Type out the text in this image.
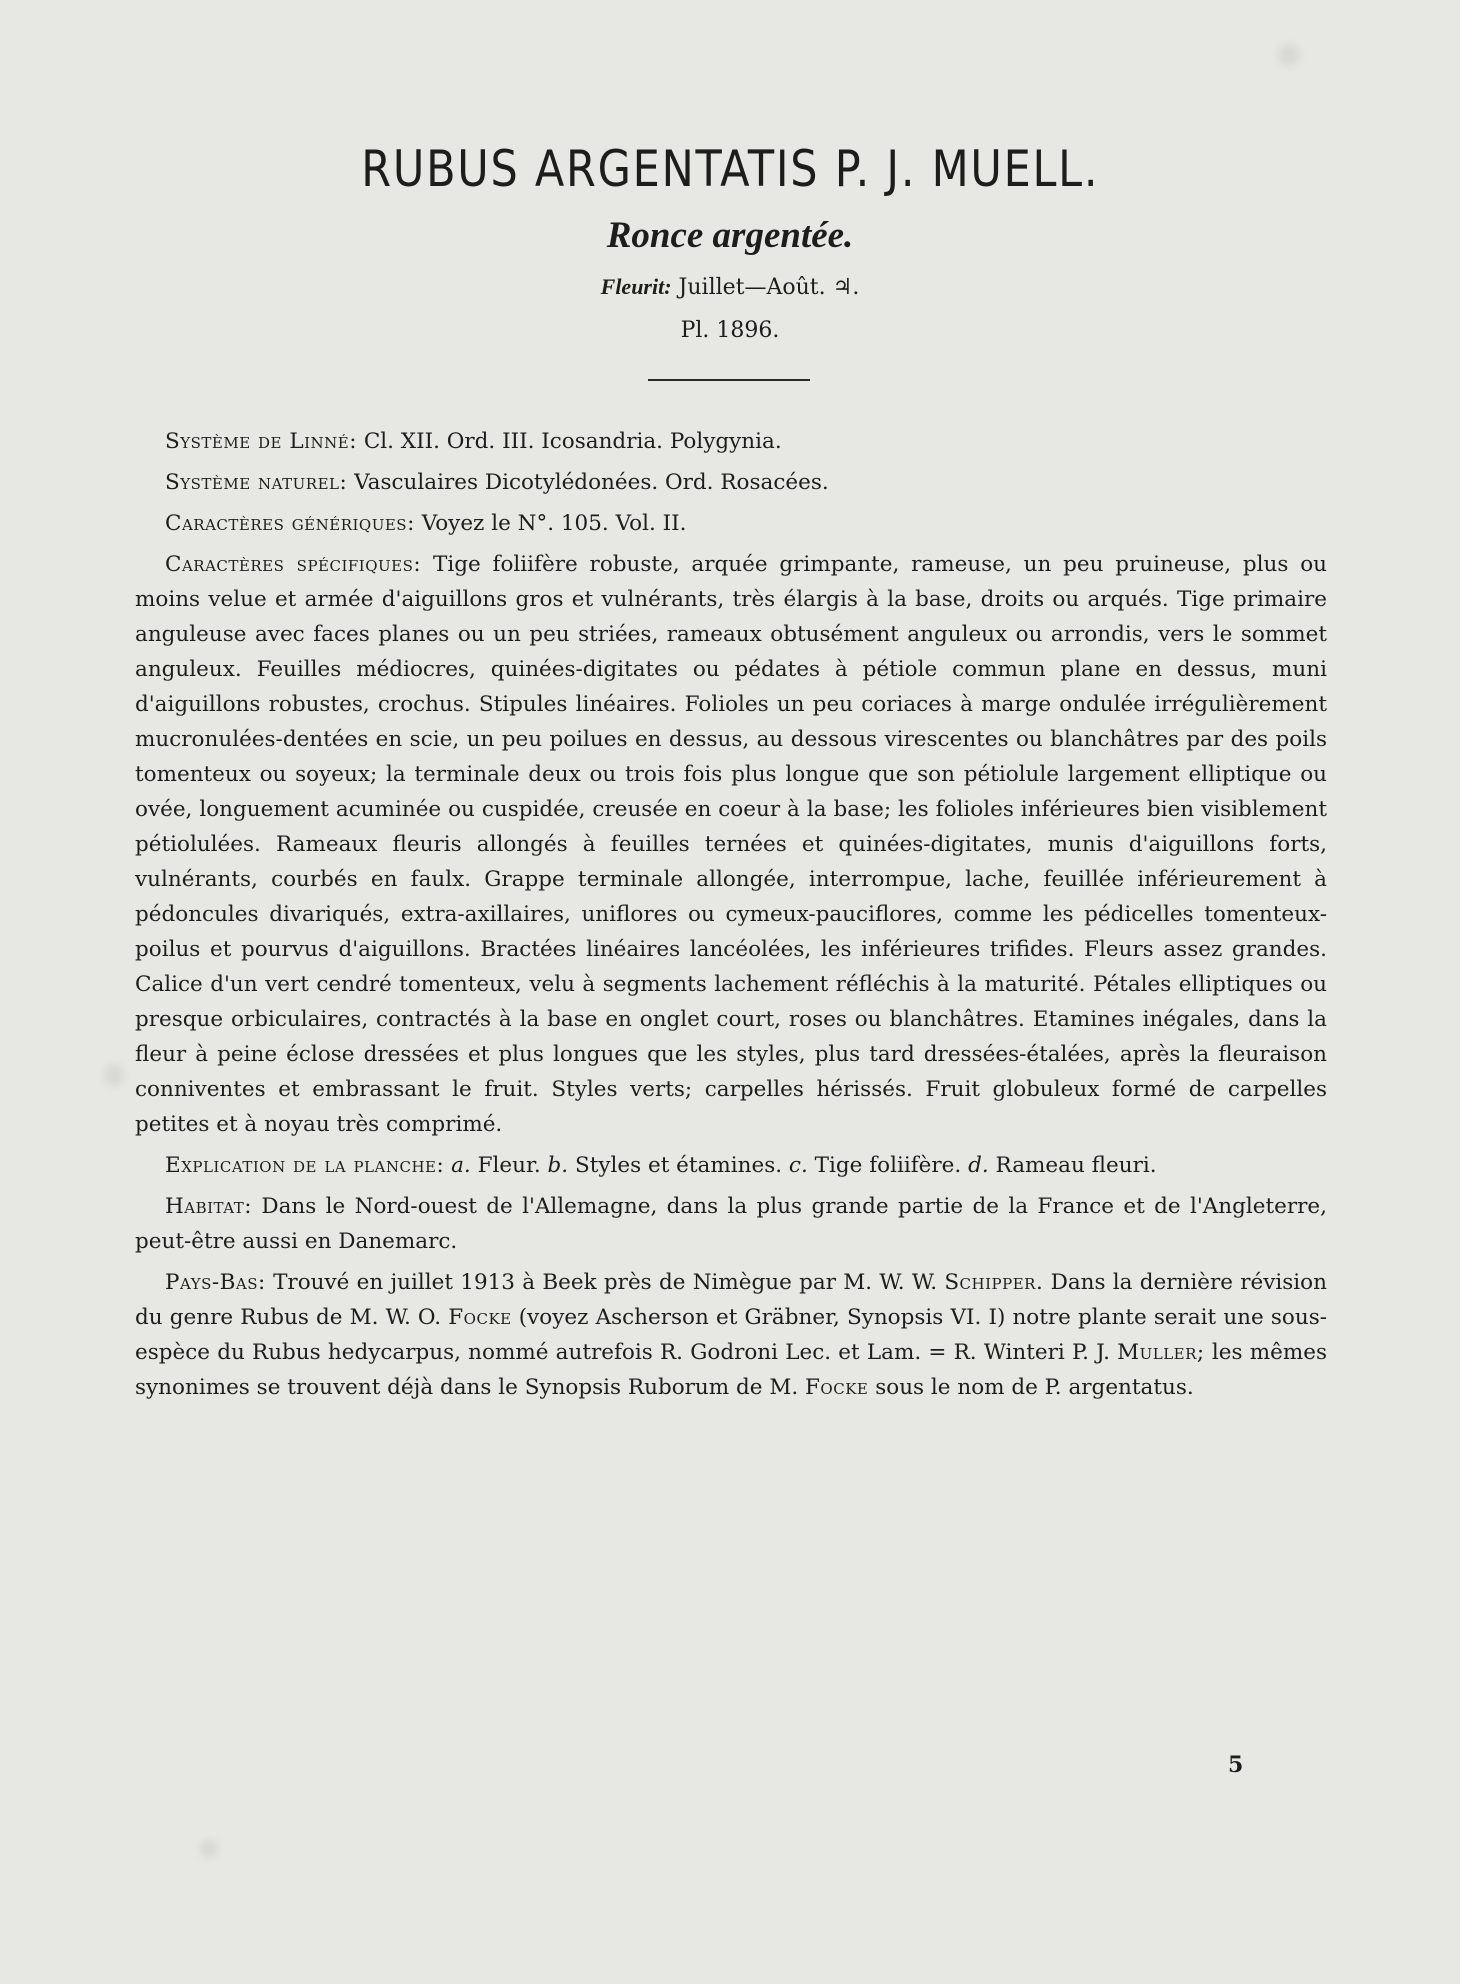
RUBUS ARGENTATIS P. J. MUELL.
Ronce argentée.
Fleurit: Juillet—Août. ♃.
Pl. 1896.

Système de Linné: Cl. XII. Ord. III. Icosandria. Polygynia.

Système naturel: Vasculaires Dicotylédonées. Ord. Rosacées.

Caractères génériques: Voyez le N°. 105. Vol. II.

Caractères spécifiques: Tige foliifère robuste, arquée grimpante, rameuse, un peu pruineuse, plus ou moins velue et armée d'aiguillons gros et vulnérants, très élargis à la base, droits ou arqués. Tige primaire anguleuse avec faces planes ou un peu striées, rameaux obtusément anguleux ou arrondis, vers le sommet anguleux. Feuilles médiocres, quinées-digitates ou pédates à pétiole commun plane en dessus, muni d'aiguillons robustes, crochus. Stipules linéaires. Folioles un peu coriaces à marge ondulée irrégulièrement mucronulées-dentées en scie, un peu poilues en dessus, au dessous virescentes ou blanchâtres par des poils tomenteux ou soyeux; la terminale deux ou trois fois plus longue que son pétiolule largement elliptique ou ovée, longuement acuminée ou cuspidée, creusée en coeur à la base; les folioles inférieures bien visiblement pétiolulées. Rameaux fleuris allongés à feuilles ternées et quinées-digitates, munis d'aiguillons forts, vulnérants, courbés en faulx. Grappe terminale allongée, interrompue, lache, feuillée inférieurement à pédoncules divariqués, extra-axillaires, uniflores ou cymeux-pauciflores, comme les pédicelles tomenteux-poilus et pourvus d'aiguillons. Bractées linéaires lancéolées, les inférieures trifides. Fleurs assez grandes. Calice d'un vert cendré tomenteux, velu à segments lachement réfléchis à la maturité. Pétales elliptiques ou presque orbiculaires, contractés à la base en onglet court, roses ou blanchâtres. Etamines inégales, dans la fleur à peine éclose dressées et plus longues que les styles, plus tard dressées-étalées, après la fleuraison conniventes et embrassant le fruit. Styles verts; carpelles hérissés. Fruit globuleux formé de carpelles petites et à noyau très comprimé.

Explication de la planche: a. Fleur. b. Styles et étamines. c. Tige foliifère. d. Rameau fleuri.

Habitat: Dans le Nord-ouest de l'Allemagne, dans la plus grande partie de la France et de l'Angleterre, peut-être aussi en Danemarc.

Pays-Bas: Trouvé en juillet 1913 à Beek près de Nimègue par M. W. W. Schipper. Dans la dernière révision du genre Rubus de M. W. O. Focke (voyez Ascherson et Gräbner, Synopsis VI. I) notre plante serait une sous-espèce du Rubus hedycarpus, nommé autrefois R. Godroni Lec. et Lam. = R. Winteri P. J. Muller; les mêmes synonimes se trouvent déjà dans le Synopsis Ruborum de M. Focke sous le nom de P. argentatus.

5
